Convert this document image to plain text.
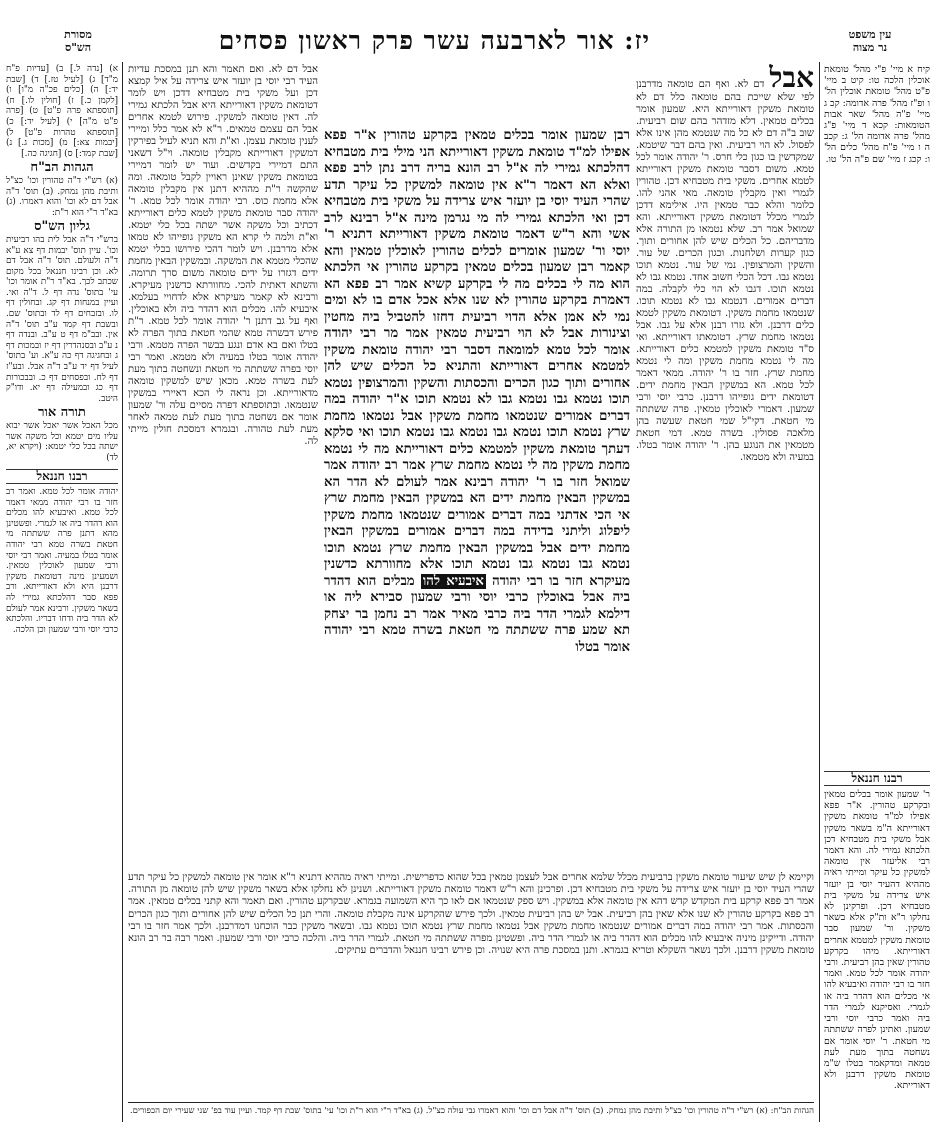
עין משפט
נר מצוה
יז: אור לארבעה עשר פרק ראשון פסחים
מסורת
הש"ס

קיח א מיי' פ"י מהל' טומאת אוכלין הלכה טו: קיט ב מיי' פ"ט מהל' טומאת אוכלין הל' ו ופ"ז מהל' פרה אדומה: קכ ג מיי' פ"ה מהל' שאר אבות הטומאות: קכא ד מיי' פ"ג מהל' פרה אדומה הל' ג: קכב ה ו מיי' פ"ח מהל' כלים הל' ו: קכג ז מיי' שם פ"ה הל' טו.

רבנו חננאל

ר' שמעון אומר בכלים טמאין ובקרקע טהורין. א"ר פפא אפילו למ"ד טומאת משקין דאורייתא ה"מ בשאר משקין אבל משקי בית מטבחיא דכן הלכתא גמירי לה. והא דאמר רבי אליעזר אין טומאה למשקין כל עיקר ומייתי ראיה מההיא דהעיד יוסי בן יועזר איש צרידה על משקי בית מטבחיא דכן. ופרקינן לא נחלקו ר"א ות"ק אלא בשאר משקין. ור' שמעון סבר טומאת משקין למטמא אחרים דאורייתא. מיהו בקרקע טהורין שאין בהן רביעית. ורבי יהודה אומר לכל טמא. ואמר חזר בו רבי יהודה ואיבעיא להו אי מכלים הוא דהדר ביה או לגמרי. ואסיקנא לגמרי הדר ביה ואמר כרבי יוסי ורבי שמעון. ואתינן לפרה ששתתה מי חטאת. ר' יוסי אומר אם נשחטה בתוך מעת לעת טמאה ומדקאמר בטלו ש"מ טומאת משקין דרבנן ולא דאורייתא.

אבל דם לא. ואף הם טומאה מדרבנן לפי שלא שייכת בהם טומאה כלל דם לא טומאת משקין דאורייתא היא. שמעון אומר בכלים טמאין. דלא מזדהר בהם שום רביעית. שוב ב"ה דם לא כל מה שנטמא מהן אינו אלא לפסול. לא הוי רביעית. ואין בהם דבר שיטמא. שמקדשין בו כגון כלי חרס. ר' יהודה אומר לכל טמא. משום דסבר טומאת משקין דאורייתא לטמא אחרים. משקי בית מטבחיא דכן. טהורין לגמרי ואין מקבלין טומאה. מאי אהני להו. כלומר והלא כבר טמאין היו. אילימא דדכן לגמרי מכלל דטומאת משקין דאורייתא. והא שמואל אמר רב. שלא נטמאו מן התורה אלא מדבריהם. כל הכלים שיש להן אחורים ותוך. כגון קערות ושלחנות. וכגון הכרים. של עור. והשקין והמרצופין. נמי של עור. נטמא תוכו נטמא גבו. דכל הכלי חשוב אחד. נטמא גבו לא נטמא תוכו. דגבו לא הוי כלי לקבלה. במה דברים אמורים. דנטמא גבו לא נטמא תוכו. שנטמאו מחמת משקין. דטומאת משקין לטמא כלים דרבנן. ולא גזרו רבנן אלא על גבו. אבל נטמאו מחמת שרץ. דטומאתו דאורייתא. ואי ס"ד טומאת משקין למטמא כלים דאורייתא. מה לי נטמא מחמת משקין ומה לי נטמא מחמת שרץ. חזר בו ר' יהודה. ממאי דאמר לכל טמא. הא במשקין הבאין מחמת ידים. דטומאת ידים גופייהו דרבנן. כרבי יוסי ורבי שמעון. דאמרי לאוכלין טמאין. פרה ששתתה מי חטאת. דקי"ל שמי חטאת שעשה בהן מלאכה פסולין. בשרה טמא. דמי חטאת מטמאין את הנוגע בהן. ר' יהודה אומר בטלו. במעיה ולא מטמאו.

אבל דם לא. ואם תאמר והא תנן במסכת עדיות העיד רבי יוסי בן יועזר איש צרידה על איל קמצא דכן ועל משקי בית מטבחיא דדכן ויש לומר דטומאת משקין דאורייתא היא אבל הלכתא גמירי לה. דאין טומאה למשקין. פירוש לטמא אחרים אבל הם עצמם טמאים. ר"א לא אמר כלל ומיירי לענין טומאת עצמן. וא"ת והא תניא לעיל בפירקין דמשקין דאורייתא מקבלין טומאה. וי"ל דשאני התם דמיירי בקדשים. ועוד יש לומר דמיירי בטומאת משקין שאינן ראויין לקבל טומאה. ומה שהקשה ר"ת מההיא דתנן אין מקבלין טומאה אלא מחמת כוס. רבי יהודה אומר לכל טמא. ר' יהודה סבר טומאת משקין לטמא כלים דאורייתא דכתיב וכל משקה אשר ישתה בכל כלי יטמא. וא"ת ולמה לי קרא הא משקין גופייהו לא טמאו אלא מדרבנן. ויש לומר דהכי פירושו בכלי יטמא שהכלי מטמא את המשקה. ובמשקין הבאין מחמת ידים דגזרו על ידים טומאה משום סרך תרומה. והשתא דאתית להכי. מחוורתא כדשנין מעיקרא. ורבינא לא קאמר מעיקרא אלא לדחויי בעלמא. איבעיא להו. מכלים הוא דהדר ביה ולא באוכלין. ואף על גב דתנן ר' יהודה אומר לכל טמא. ר"ת פירש דבשרה טמא שהמי חטאת בתוך הפרה לא בטלו ואם בא אדם ונגע בבשר הפרה מטמא. ורבי יהודה אומר בטלו במעיה ולא מטמא. ואמר רבי יוסי בפרה ששתתה מי חטאת ונשחטה בתוך מעת לעת בשרה טמא. מכאן שיש למשקין טומאה מדאורייתא. וכן נראה לי הכא דאיירי במשקין שנטמאו. ובתוספתא דפרה מסיים עלה ור' שמעון אומר אם נשחטה בתוך מעת לעת טמאה לאחר מעת לעת טהורה. ובגמרא דמסכת חולין מייתי לה.

רבן שמעון אומר בכלים טמאין בקרקע טהורין א"ר פפא אפילו למ"ד טומאת משקין דאורייתא הני מילי בית מטבחיא דהלכתא גמירי לה א"ל רב הונא בריה דרב נתן לרב פפא ואלא הא דאמר ר"א אין טומאה למשקין כל עיקר תדע שהרי העיד יוסי בן יועזר איש צרידה על משקי בית מטבחיא דכן ואי הלכתא גמירי לה מי נגרמן מינה א"ל רבינא לרב אשי והא ר"ש דאמר טומאת משקין דאורייתא דתניא ר' יוסי ור' שמעון אומרים לכלים טהורין לאוכלין טמאין והא קאמר רבן שמעון בכלים טמאין בקרקע טהורין אי הלכתא הוא מה לי בכלים מה לי בקרקע קשיא אמר רב פפא הא דאמרת בקרקע טהורין לא שנו אלא אכל אדם בו לא ומים נמי לא אמן אלא הדוי רביעית דחזו להטביל ביה מחטין וצינורות אבל לא הוי רביעית טמאין אמר מר רבי יהודה אומר לכל טמא למומאה דסבר רבי יהודה טומאת משקין למטמא אחרים דאורייתא והתניא כל הכלים שיש להן אחורים ותוך כגון הכרים והכסתות והשקין והמרצופין נטמא תוכו נטמא גבו נטמא גבו לא נטמא תוכו א"ר יהודה במה דברים אמורים שנטמאו מחמת משקין אבל נטמאו מחמת שרץ נטמא תוכו נטמא גבו נטמא גבו נטמא תוכו ואי סלקא דעתך טומאת משקין למטמא כלים דאורייתא מה לי נטמא מחמת משקין מה לי נטמא מחמת שרץ אמר רב יהודה אמר שמואל חזר בו ר' יהודה רבינא אמר לעולם לא הדר הא במשקין הבאין מחמת ידים הא במשקין הבאין מחמת שרץ אי הכי אדתני במה דברים אמורים שנטמאו מחמת משקין ליפלוג וליתני בדידה במה דברים אמורים במשקין הבאין מחמת ידים אבל במשקין הבאין מחמת שרץ נטמא תוכו נטמא גבו נטמא גבו נטמא תוכו אלא מחוורתא כדשנין מעיקרא חזר בו רבי יהודה איבעיא להו מבלים הוא דהדר ביה אבל באוכלין כרבי יוסי ורבי שמעון סבירא ליה או דילמא לגמרי הדר ביה כרבי מאיר אמר רב נחמן בר יצחק תא שמע פרה ששתתה מי חטאת בשרה טמא רבי יהודה אומר בטלו

וקיימא לן שיש שיעור טומאת משקין ברביעית מכלל שלמא אחרים אבל לעצמן טמאין בכל שהוא כדפרישית. ומייתי ראיה מההיא דתניא ר"א אומר אין טומאה למשקין כל עיקר תדע שהרי העיד יוסי בן יועזר איש צרידה על משקי בית מטבחיא דכן. ופרכינן והא ר"ש דאמר טומאת משקין דאורייתא. ושנינן לא נחלקו אלא בשאר משקין שיש להן טומאה מן התורה. אמר רב פפא קרקע בית המקדש קדש דהא אין טומאה אלא במשקין. ויש ספק שנטמאו אם לאו כך היא השמועה בגמרא. שבקרקע טהורין. ואם תאמר והא קתני בכלים טמאין. אמר רב פפא בקרקע טהורין לא שנו אלא שאין בהן רביעית. אבל יש בהן רביעית טמאין. ולכך פירש שהקרקע אינה מקבלת טומאה. והרי תנן כל הכלים שיש להן אחורים ותוך כגון הכרים והכסתות. אמר רבי יהודה במה דברים אמורים שנטמאו מחמת משקין אבל נטמאו מחמת שרץ נטמא תוכו נטמא גבו. ובשאר משקין כבר הוכחנו דמדרבנן. ולכך אמר חזר בו רבי יהודה. ודייקינן מיניה איבעיא להו מכלים הוא דהדר ביה או לגמרי הדר ביה. ופשטינן מפרה ששתתה מי חטאת. לגמרי הדר ביה. והלכה כרבי יוסי ורבי שמעון. ואמר רבה בר רב הונא טומאת משקין דרבנן. ולכך נשאר השקלא וטריא בגמרא. ותנן במסכת פרה היא שנויה. וכן פירש רבינו חננאל והדברים עתיקים.

הגהות הב"ח: (א) רש"י ד"ה טהורין וכו' כצ"ל ותיבת מהן נמחק. (ב) תוס' ד"ה אבל דם וכו' והוא דאמרו גבי עולה כצ"ל. (ג) בא"ד ר"י הוא ר"ת וכו' עי' בתוס' שבת דף קמד. ועיין עוד בפ' שני שעירי יום הכפורים.

א) [נדה ל.] ב) [עדיות פ"ח מ"ד] ג) [לעיל טז.] ד) [שבת יד:] ה) [כלים פכ"ה מ"ו] ו) [לקמן כ.] ז) [חולין לו.] ח) [תוספתא פרה פ"ט] ט) [פרה פ"ט מ"ה] י) [לעיל יד:] כ) [תוספתא טהרות פ"ט] ל) [יבמות צא:] מ) [מכות ג.] נ) [שבת קמד:] ס) [חגיגה כה.]

הגהות הב"ח

(א) רש"י ד"ה טהורין וכו' כצ"ל ותיבת מהן נמחק. (ב) תוס' ד"ה אבל דם לא וכו' והוא דאמרו. (ג) בא"ד ר"י הוא ר"ת:

גליון הש"ס

ברש"י ד"ה אבל לית בהו רביעית וכו'. עיין תוס' יבמות דף צא ע"א ד"ה ולעולם. תוס' ד"ה אבל דם לא. וכן רבינו חננאל בכל מקום שכתב לכך. בא"ד ר"ת אומר וכו' עי' בתוס' נדה דף ל. ד"ה ואי. ועיין במנחות דף קג. ובחולין דף לו. ובזבחים דף לד ובתוס' שם. ובשבת דף קמד ע"ב תוס' ד"ה אין. ובב"מ דף ט ע"ב. ובנדה דף נ ע"ב ובסנהדרין דף יז ובמכות דף ג ובחגיגה דף כה ע"א. וע' בתוס' לעיל דף יד ע"ב ד"ה אבל. ובע"ז דף לח. ובפסחים דף כ. ובבכורות דף כג ובמעילה דף יא. ודו"ק היטב.

תורה אור

מכל האכל אשר יאכל אשר יבוא עליו מים יטמא וכל משקה אשר ישתה בכל כלי יטמא: (ויקרא יא, לד)

רבנו חננאל

יהודה אומר לכל טמא. ואמר רב חזר בו רבי יהודה ממאי דאמר לכל טמא. ואיבעיא להו מכלים הוא דהדר ביה או לגמרי. ופשטינן מהא דתנן פרה ששתתה מי חטאת בשרה טמא רבי יהודה אומר בטלו במעיה. ואמר רבי יוסי ורבי שמעון לאוכלין טמאין. ושמעינן מינה דטומאת משקין דרבנן היא ולא דאורייתא. ורב פפא סבר דהלכתא גמירי לה בשאר משקין. ורבינא אמר לעולם לא הדר ביה ודחו דבריו. והלכתא כרבי יוסי ורבי שמעון וכן הלכה.
